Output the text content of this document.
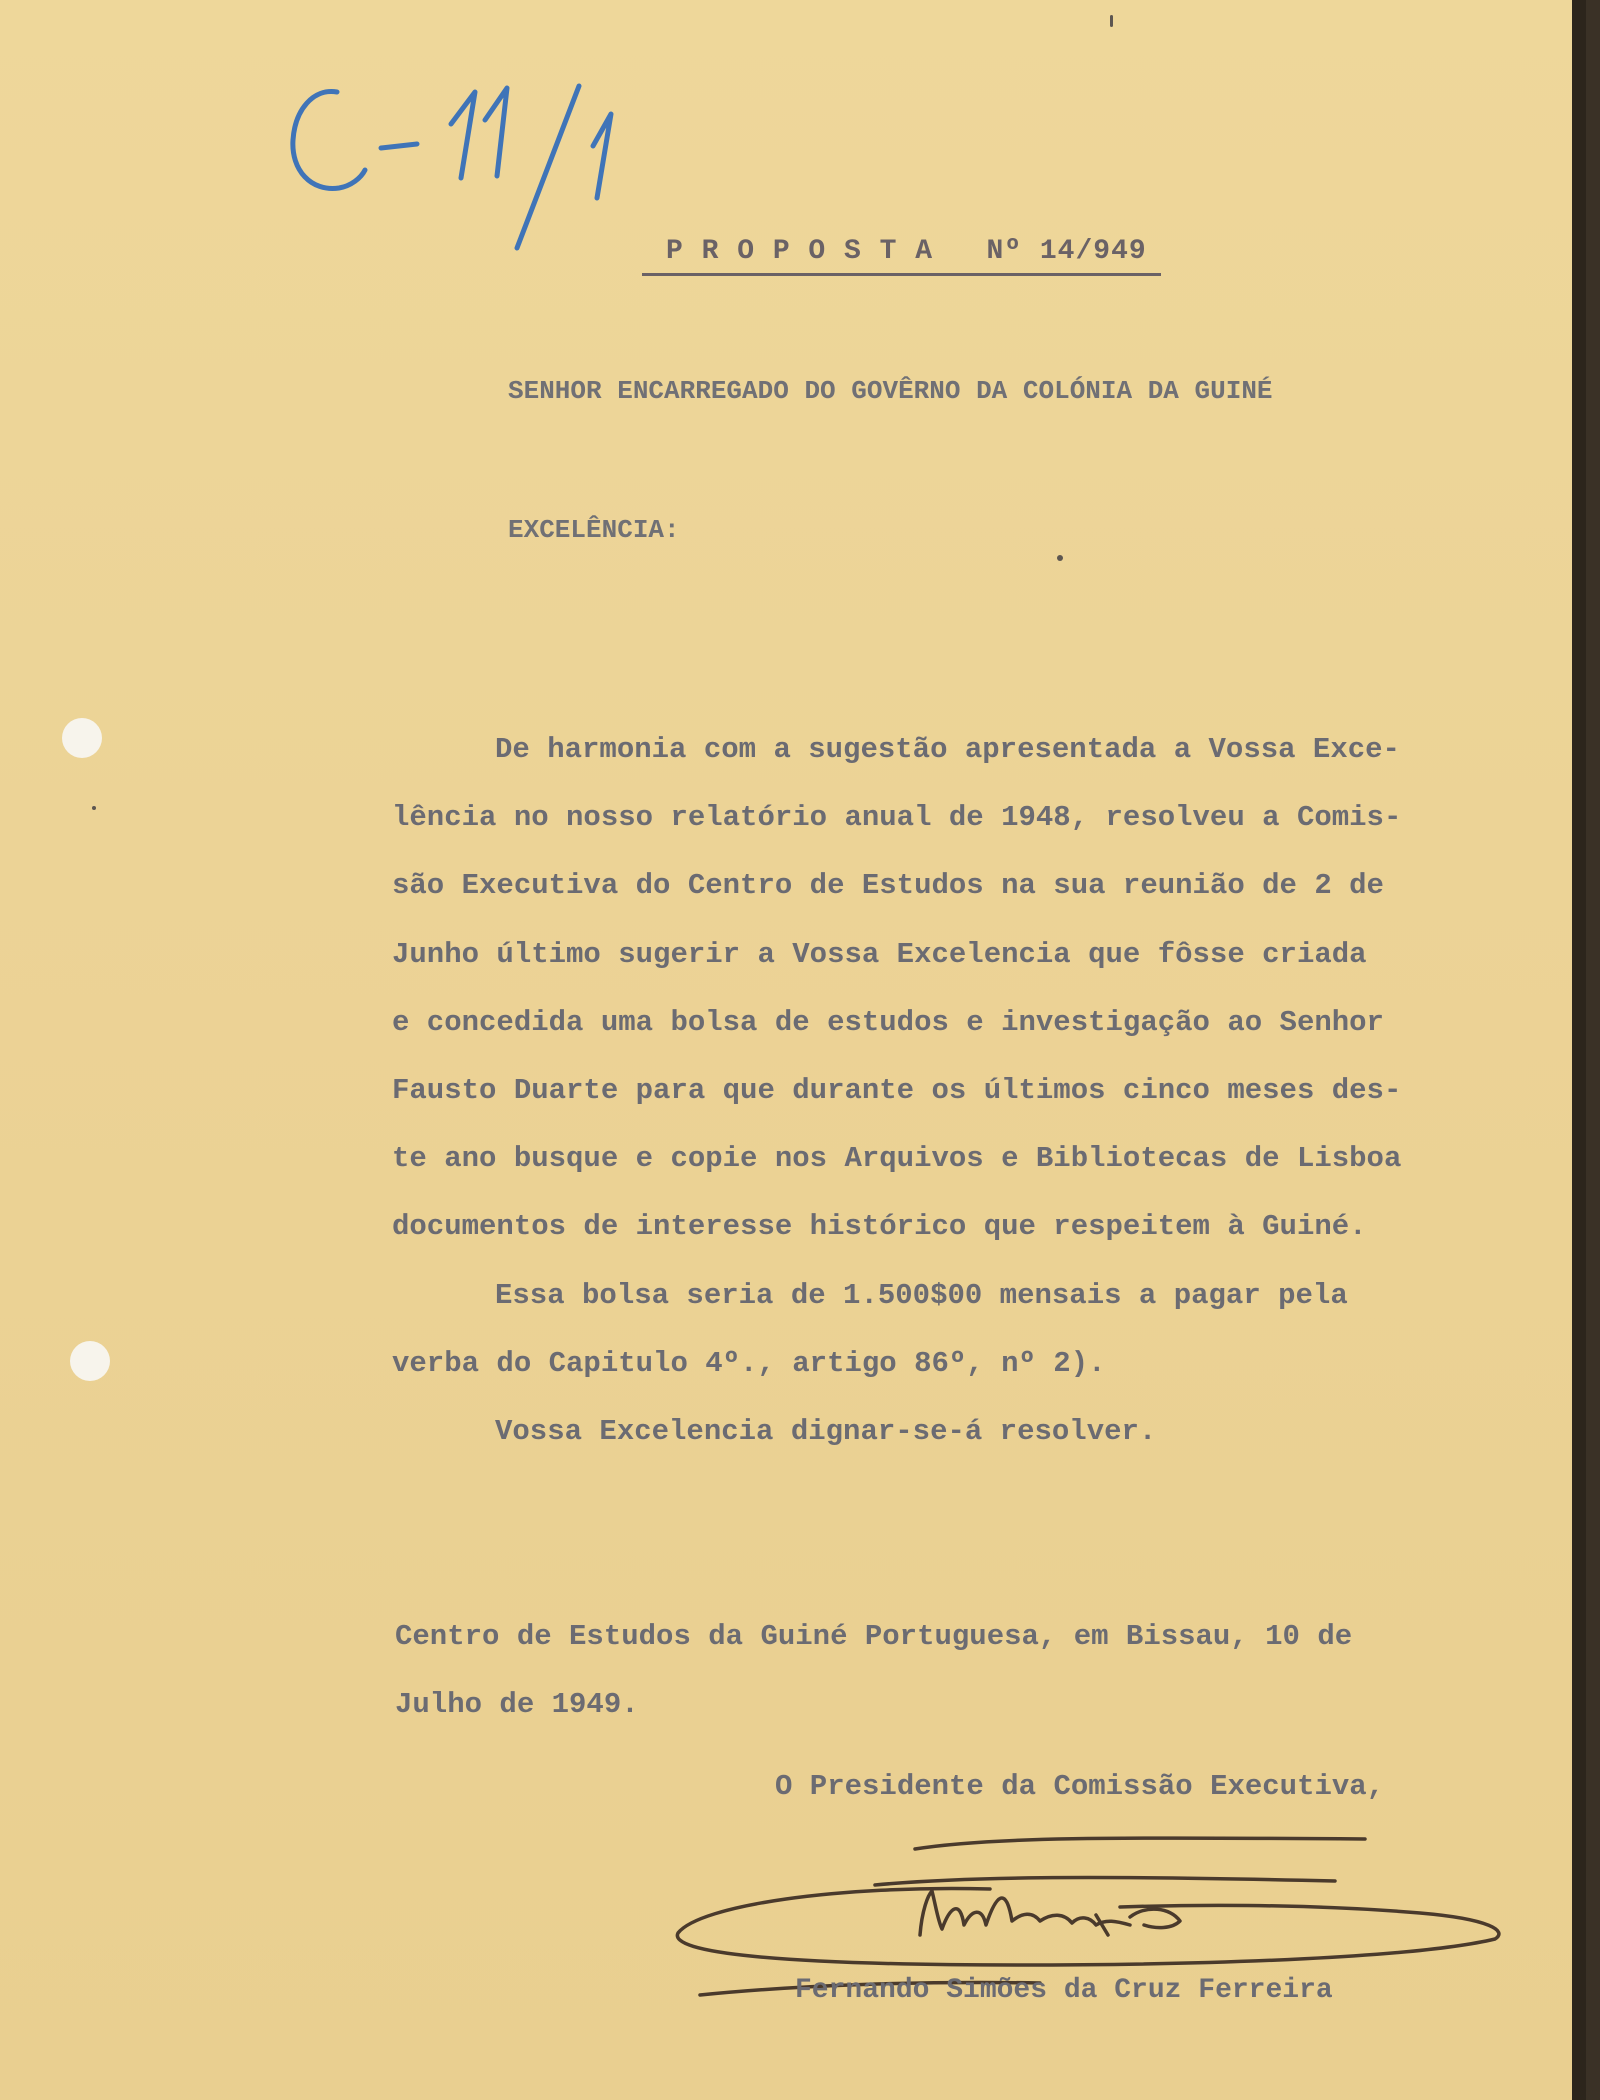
P R O P O S T A   Nº 14/949
SENHOR ENCARREGADO DO GOVÊRNO DA COLÓNIA DA GUINÉ
EXCELÊNCIA:
De harmonia com a sugestão apresentada a Vossa Exce-
lência no nosso relatório anual de 1948, resolveu a Comis-
são Executiva do Centro de Estudos na sua reunião de 2 de
Junho último sugerir a Vossa Excelencia que fôsse criada
e concedida uma bolsa de estudos e investigação ao Senhor
Fausto Duarte para que durante os últimos cinco meses des-
te ano busque e copie nos Arquivos e Bibliotecas de Lisboa
documentos de interesse histórico que respeitem à Guiné.
Essa bolsa seria de 1.500$00 mensais a pagar pela
verba do Capitulo 4º., artigo 86º, nº 2).
Vossa Excelencia dignar-se-á resolver.
Centro de Estudos da Guiné Portuguesa, em Bissau, 10 de
Julho de 1949.
O Presidente da Comissão Executiva,
Fernando Simões da Cruz Ferreira
